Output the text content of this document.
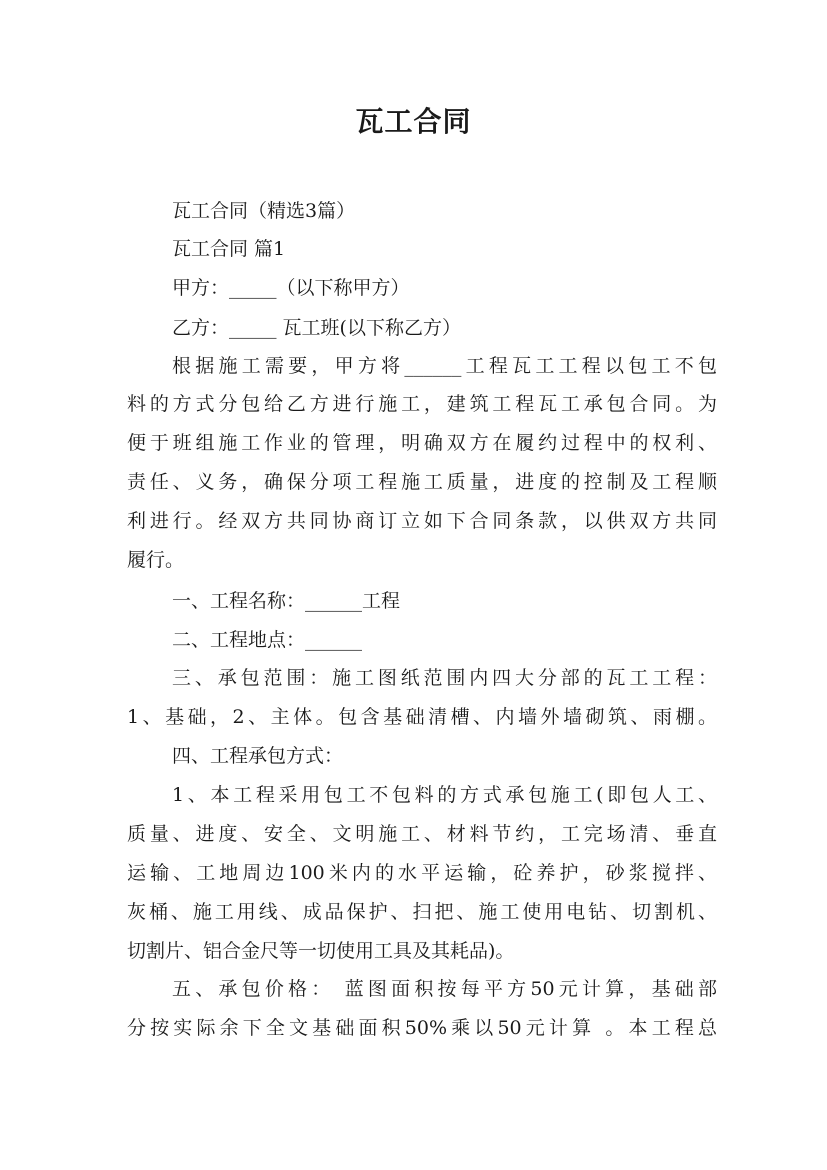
瓦工合同
瓦工合同（精选3篇）
瓦工合同 篇1
甲方：_____（以下称甲方）
乙方：_____ 瓦工班(以下称乙方）
根据施工需要，甲方将______工程瓦工工程以包工不包
料的方式分包给乙方进行施工，建筑工程瓦工承包合同。为
便于班组施工作业的管理，明确双方在履约过程中的权利、
责任、义务，确保分项工程施工质量，进度的控制及工程顺
利进行。经双方共同协商订立如下合同条款，以供双方共同
履行。
一、工程名称：______工程
二、工程地点：______
三、承包范围：施工图纸范围内四大分部的瓦工工程：
1、基础，2、主体。包含基础清槽、内墙外墙砌筑、雨棚。
四、工程承包方式：
1、本工程采用包工不包料的方式承包施工(即包人工、
质量、进度、安全、文明施工、材料节约，工完场清、垂直
运输、工地周边100米内的水平运输，砼养护，砂浆搅拌、
灰桶、施工用线、成品保护、扫把、施工使用电钻、切割机、
切割片、铝合金尺等一切使用工具及其耗品)。
五、承包价格： 蓝图面积按每平方50元计算，基础部
分按实际余下全文基础面积50%乘以50元计算 。本工程总
